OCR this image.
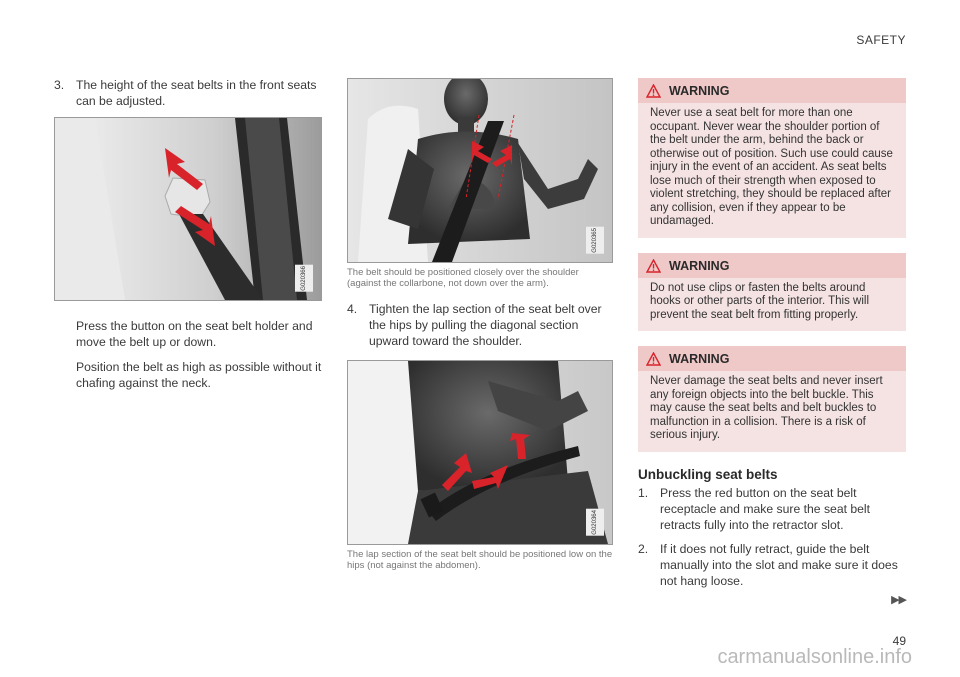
SAFETY
3. The height of the seat belts in the front seats can be adjusted.
G020366

Press the button on the seat belt holder and move the belt up or down.

Position the belt as high as possible without it chafing against the neck.

G020365
The belt should be positioned closely over the shoulder (against the collarbone, not down over the arm).
4. Tighten the lap section of the seat belt over the hips by pulling the diagonal section upward toward the shoulder.
G020364
The lap section of the seat belt should be positioned low on the hips (not against the abdomen).
WARNING
Never use a seat belt for more than one occupant. Never wear the shoulder portion of the belt under the arm, behind the back or otherwise out of position. Such use could cause injury in the event of an accident. As seat belts lose much of their strength when exposed to violent stretching, they should be replaced after any collision, even if they appear to be undamaged.
WARNING
Do not use clips or fasten the belts around hooks or other parts of the interior. This will prevent the seat belt from fitting properly.
WARNING
Never damage the seat belts and never insert any foreign objects into the belt buckle. This may cause the seat belts and belt buckles to malfunction in a collision. There is a risk of serious injury.
Unbuckling seat belts
1. Press the red button on the seat belt receptacle and make sure the seat belt retracts fully into the retractor slot.
2. If it does not fully retract, guide the belt manually into the slot and make sure it does not hang loose.
▶▶
49
carmanualsonline.info
